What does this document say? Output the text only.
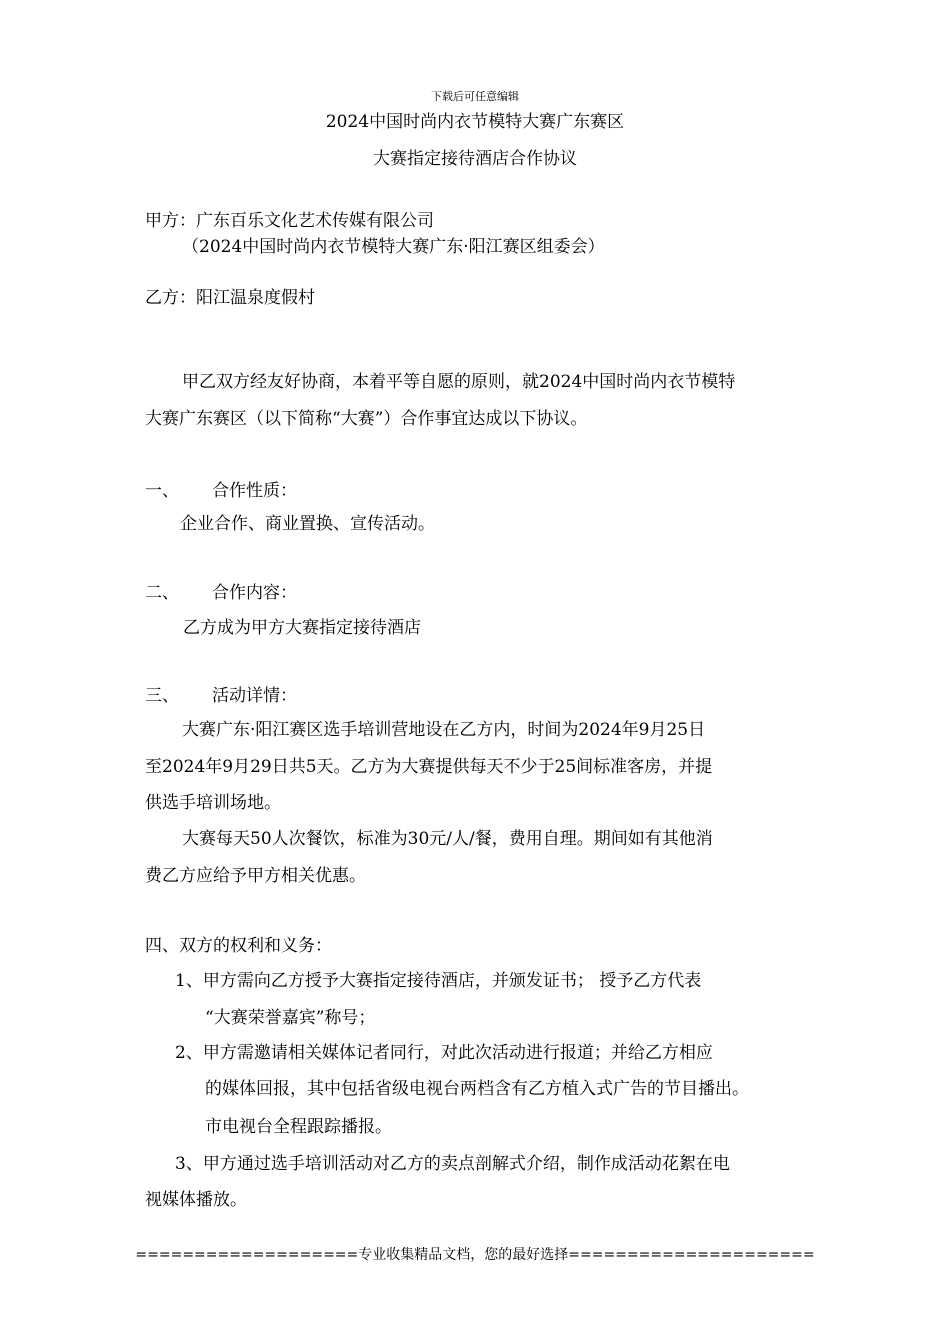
下载后可任意编辑
2024中国时尚内衣节模特大赛广东赛区
大赛指定接待酒店合作协议
甲方：广东百乐文化艺术传媒有限公司
（2024中国时尚内衣节模特大赛广东·阳江赛区组委会）
乙方：阳江温泉度假村
甲乙双方经友好协商，本着平等自愿的原则，就2024中国时尚内衣节模特
大赛广东赛区（以下简称“大赛”）合作事宜达成以下协议。
一、 合作性质：
企业合作、商业置换、宣传活动。
二、 合作内容：
乙方成为甲方大赛指定接待酒店
三、 活动详情：
大赛广东·阳江赛区选手培训营地设在乙方内，时间为2024年9月25日
至2024年9月29日共5天。乙方为大赛提供每天不少于25间标准客房，并提
供选手培训场地。
大赛每天50人次餐饮，标准为30元/人/餐，费用自理。期间如有其他消
费乙方应给予甲方相关优惠。
四、双方的权利和义务：
1、甲方需向乙方授予大赛指定接待酒店，并颁发证书； 授予乙方代表
“大赛荣誉嘉宾”称号；
2、甲方需邀请相关媒体记者同行，对此次活动进行报道；并给乙方相应
的媒体回报，其中包括省级电视台两档含有乙方植入式广告的节目播出。
市电视台全程跟踪播报。
3、甲方通过选手培训活动对乙方的卖点剖解式介绍，制作成活动花絮在电
视媒体播放。
===================专业收集精品文档，您的最好选择=====================
